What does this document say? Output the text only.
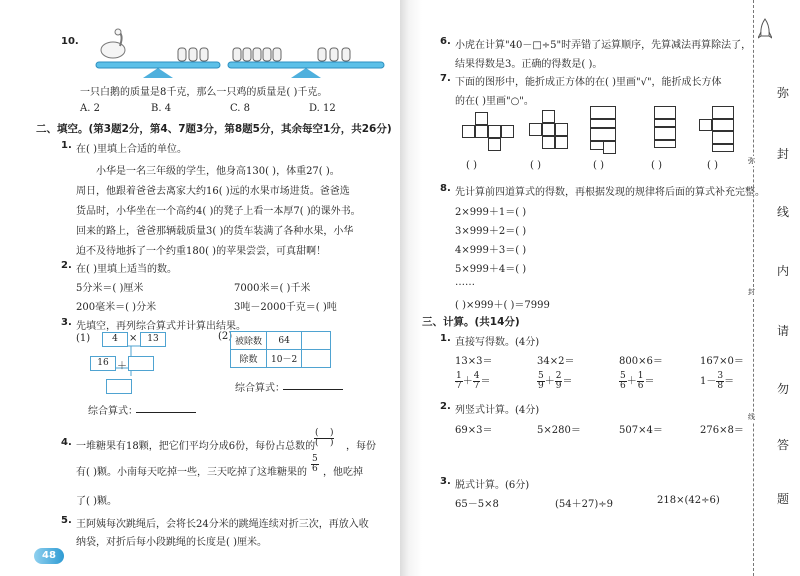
10.
一只白鹅的质量是8千克，那么一只鸡的质量是( )千克。
A. 2	B. 4	C. 8	D. 12
二、填空。(第3题2分，第4、7题3分，第8题5分，其余每空1分，共26分)
1. 在( )里填上合适的单位。
小华是一名三年级的学生，他身高130( )，体重27( )。
周日，他跟着爸爸去离家大约16( )远的水果市场进货。爸爸选
货品时，小华坐在一个高约4( )的凳子上看一本厚7( )的课外书。
回来的路上，爸爸那辆载质量3( )的货车装满了各种水果，小华
迫不及待地拆了一个约重180( )的苹果尝尝，可真甜啊！
2. 在( )里填上适当的数。
5分米＝( )厘米	7000米＝( )千米
200毫米＝( )分米	3吨－2000千克＝( )吨
3. 先填空，再列综合算式并计算出结果。
(1)	4	×	13
16 ＋
综合算式：
(2) 被除数	64	
除数	10－2	
综合算式：
4. 一堆糖果有18颗，把它们平均分成6份，每份占总数的
$\frac{( )}{( )}$ ，每份
有( )颗。小南每天吃掉一些，三天吃掉了这堆糖果的 $\frac{5}{6}$ ，他吃掉
了( )颗。
5. 王阿姨每次跳绳后，会将长24分米的跳绳连续对折三次，再放入收
纳袋，对折后每小段跳绳的长度是( )厘米。
48
6. 小虎在计算"40－□÷5"时弄错了运算顺序，先算减法再算除法了，
结果得数是3。正确的得数是( )。
7. 下面的图形中，能折成正方体的在( )里画"√"，能折成长方体
的在( )里画"○"。
( )	( )	( )	( )	( )
8. 先计算前四道算式的得数，再根据发现的规律将后面的算式补充完整。
2×999＋1＝( )
3×999＋2＝( )
4×999＋3＝( )
5×999＋4＝( )
……
( )×999＋( )＝7999
三、计算。(共14分)
1. 直接写得数。(4分)
13×3＝	34×2＝	800×6＝	167×0＝
$\frac{1}{7} + \frac{4}{7}$ ＝	$\frac{5}{9} + \frac{2}{9}$ ＝	$\frac{5}{6} + \frac{1}{6}$ ＝	$1- \frac{3}{8}$ ＝
2. 列竖式计算。(4分)
69×3＝	5×280＝	507×4＝	276×8＝
3. 脱式计算。(6分)
65－5×8	(54＋27)÷9	218×(42÷6)
弥
封
线
弥
封
线
内
请
勿
答
题
